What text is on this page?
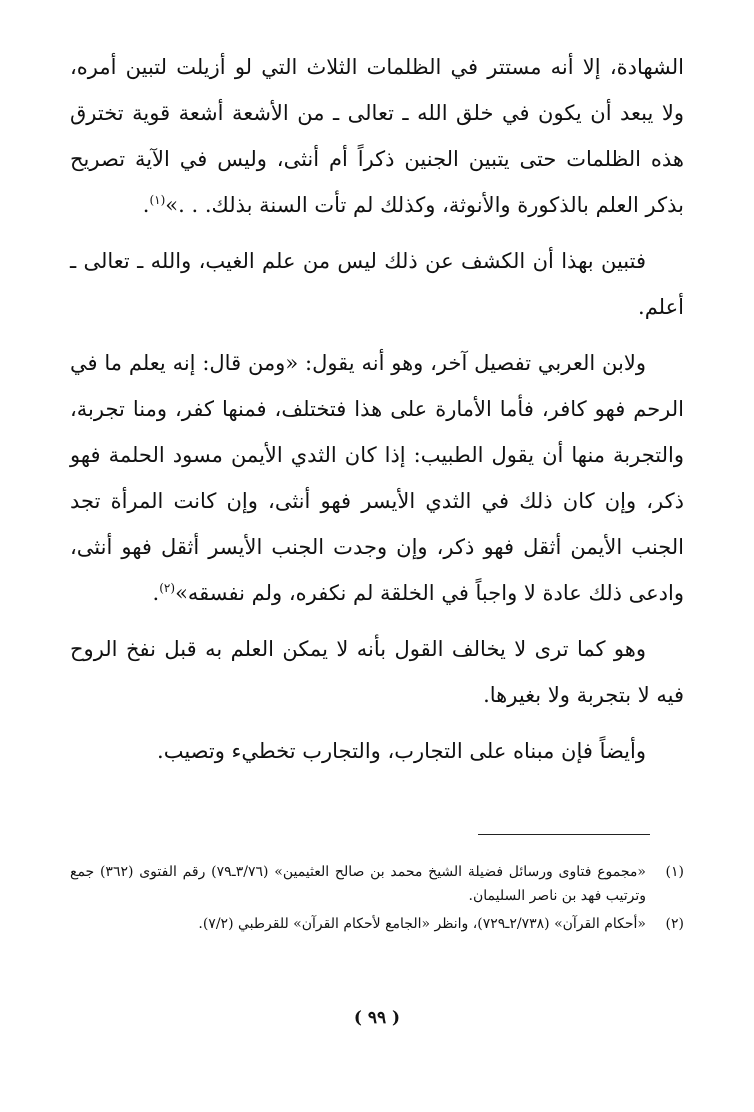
الشهادة، إلا أنه مستتر في الظلمات الثلاث التي لو أزيلت لتبين أمره، ولا يبعد أن يكون في خلق الله ـ تعالى ـ من الأشعة أشعة قوية تخترق هذه الظلمات حتى يتبين الجنين ذكراً أم أنثى، وليس في الآية تصريح بذكر العلم بالذكورة والأنوثة، وكذلك لم تأت السنة بذلك. . .»$^{(١)}$.

فتبين بهذا أن الكشف عن ذلك ليس من علم الغيب، والله ـ تعالى ـ أعلم.

ولابن العربي تفصيل آخر، وهو أنه يقول: «ومن قال: إنه يعلم ما في الرحم فهو كافر، فأما الأمارة على هذا فتختلف، فمنها كفر، ومنا تجربة، والتجربة منها أن يقول الطبيب: إذا كان الثدي الأيمن مسود الحلمة فهو ذكر، وإن كان ذلك في الثدي الأيسر فهو أنثى، وإن كانت المرأة تجد الجنب الأيمن أثقل فهو ذكر، وإن وجدت الجنب الأيسر أثقل فهو أنثى، وادعى ذلك عادة لا واجباً في الخلقة لم نكفره، ولم نفسقه»$^{(٢)}$.

وهو كما ترى لا يخالف القول بأنه لا يمكن العلم به قبل نفخ الروح فيه لا بتجربة ولا بغيرها.

وأيضاً فإن مبناه على التجارب، والتجارب تخطيء وتصيب.

(١)
«مجموع فتاوى ورسائل فضيلة الشيخ محمد بن صالح العثيمين» (٣/٧٦ـ٧٩) رقم الفتوى (٣٦٢) جمع وترتيب فهد بن ناصر السليمان.

(٢)
«أحكام القرآن» (٢/٧٣٨ـ٧٢٩)، وانظر «الجامع لأحكام القرآن» للقرطبي (٧/٢).

( ٩٩ )
